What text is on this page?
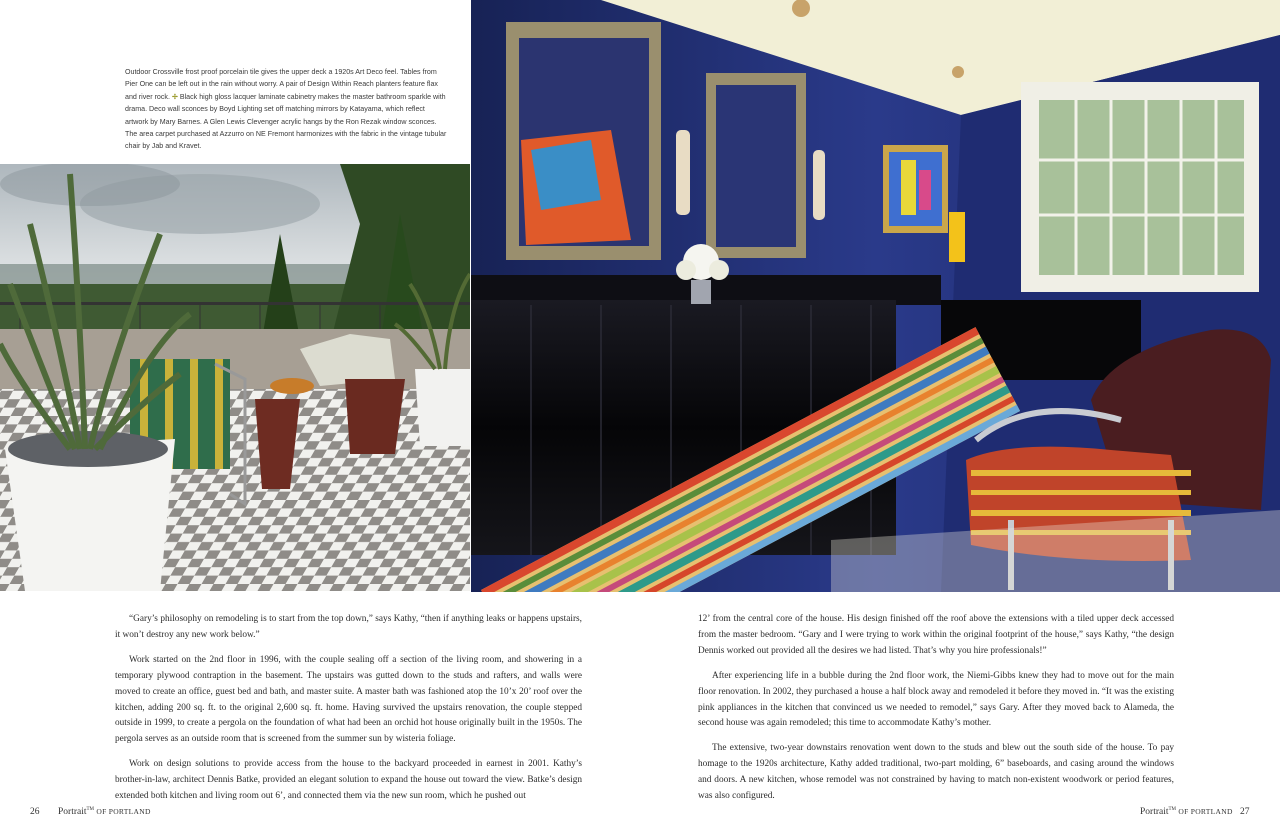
Outdoor Crossville frost proof porcelain tile gives the upper deck a 1920s Art Deco feel. Tables from Pier One can be left out in the rain without worry. A pair of Design Within Reach planters feature flax and river rock. ✢ Black high gloss lacquer laminate cabinetry makes the master bathroom sparkle with drama. Deco wall sconces by Boyd Lighting set off matching mirrors by Katayama, which reflect artwork by Mary Barnes. A Glen Lewis Clevenger acrylic hangs by the Ron Rezak window sconces. The area carpet purchased at Azzurro on NE Fremont harmonizes with the fabric in the vintage tubular chair by Jab and Kravet.

“Gary’s philosophy on remodeling is to start from the top down,” says Kathy, “then if anything leaks or happens upstairs, it won’t destroy any new work below.”

Work started on the 2nd floor in 1996, with the couple sealing off a section of the living room, and showering in a temporary plywood contraption in the basement. The upstairs was gutted down to the studs and rafters, and walls were moved to create an office, guest bed and bath, and master suite. A master bath was fashioned atop the 10’x 20’ roof over the kitchen, adding 200 sq. ft. to the original 2,600 sq. ft. home. Having survived the upstairs renovation, the couple stepped outside in 1999, to create a pergola on the foundation of what had been an orchid hot house originally built in the 1950s. The pergola serves as an outside room that is screened from the summer sun by wisteria foliage.

Work on design solutions to provide access from the house to the backyard proceeded in earnest in 2001. Kathy’s brother-in-law, architect Dennis Batke, provided an elegant solution to expand the house out toward the view. Batke’s design extended both kitchen and living room out 6’, and connected them via the new sun room, which he pushed out

12’ from the central core of the house. His design finished off the roof above the extensions with a tiled upper deck accessed from the master bedroom. “Gary and I were trying to work within the original footprint of the house,” says Kathy, “the design Dennis worked out provided all the desires we had listed. That’s why you hire professionals!”

After experiencing life in a bubble during the 2nd floor work, the Niemi-Gibbs knew they had to move out for the main floor renovation. In 2002, they purchased a house a half block away and remodeled it before they moved in. “It was the existing pink appliances in the kitchen that convinced us we needed to remodel,” says Gary. After they moved back to Alameda, the second house was again remodeled; this time to accommodate Kathy’s mother.

The extensive, two-year downstairs renovation went down to the studs and blew out the south side of the house. To pay homage to the 1920s architecture, Kathy added traditional, two-part molding, 6” baseboards, and casing around the windows and doors. A new kitchen, whose remodel was not constrained by having to match non-existent woodwork or period features, was also configured.

26 Portrait™ OF PORTLAND	Portrait™ OF PORTLAND 27
